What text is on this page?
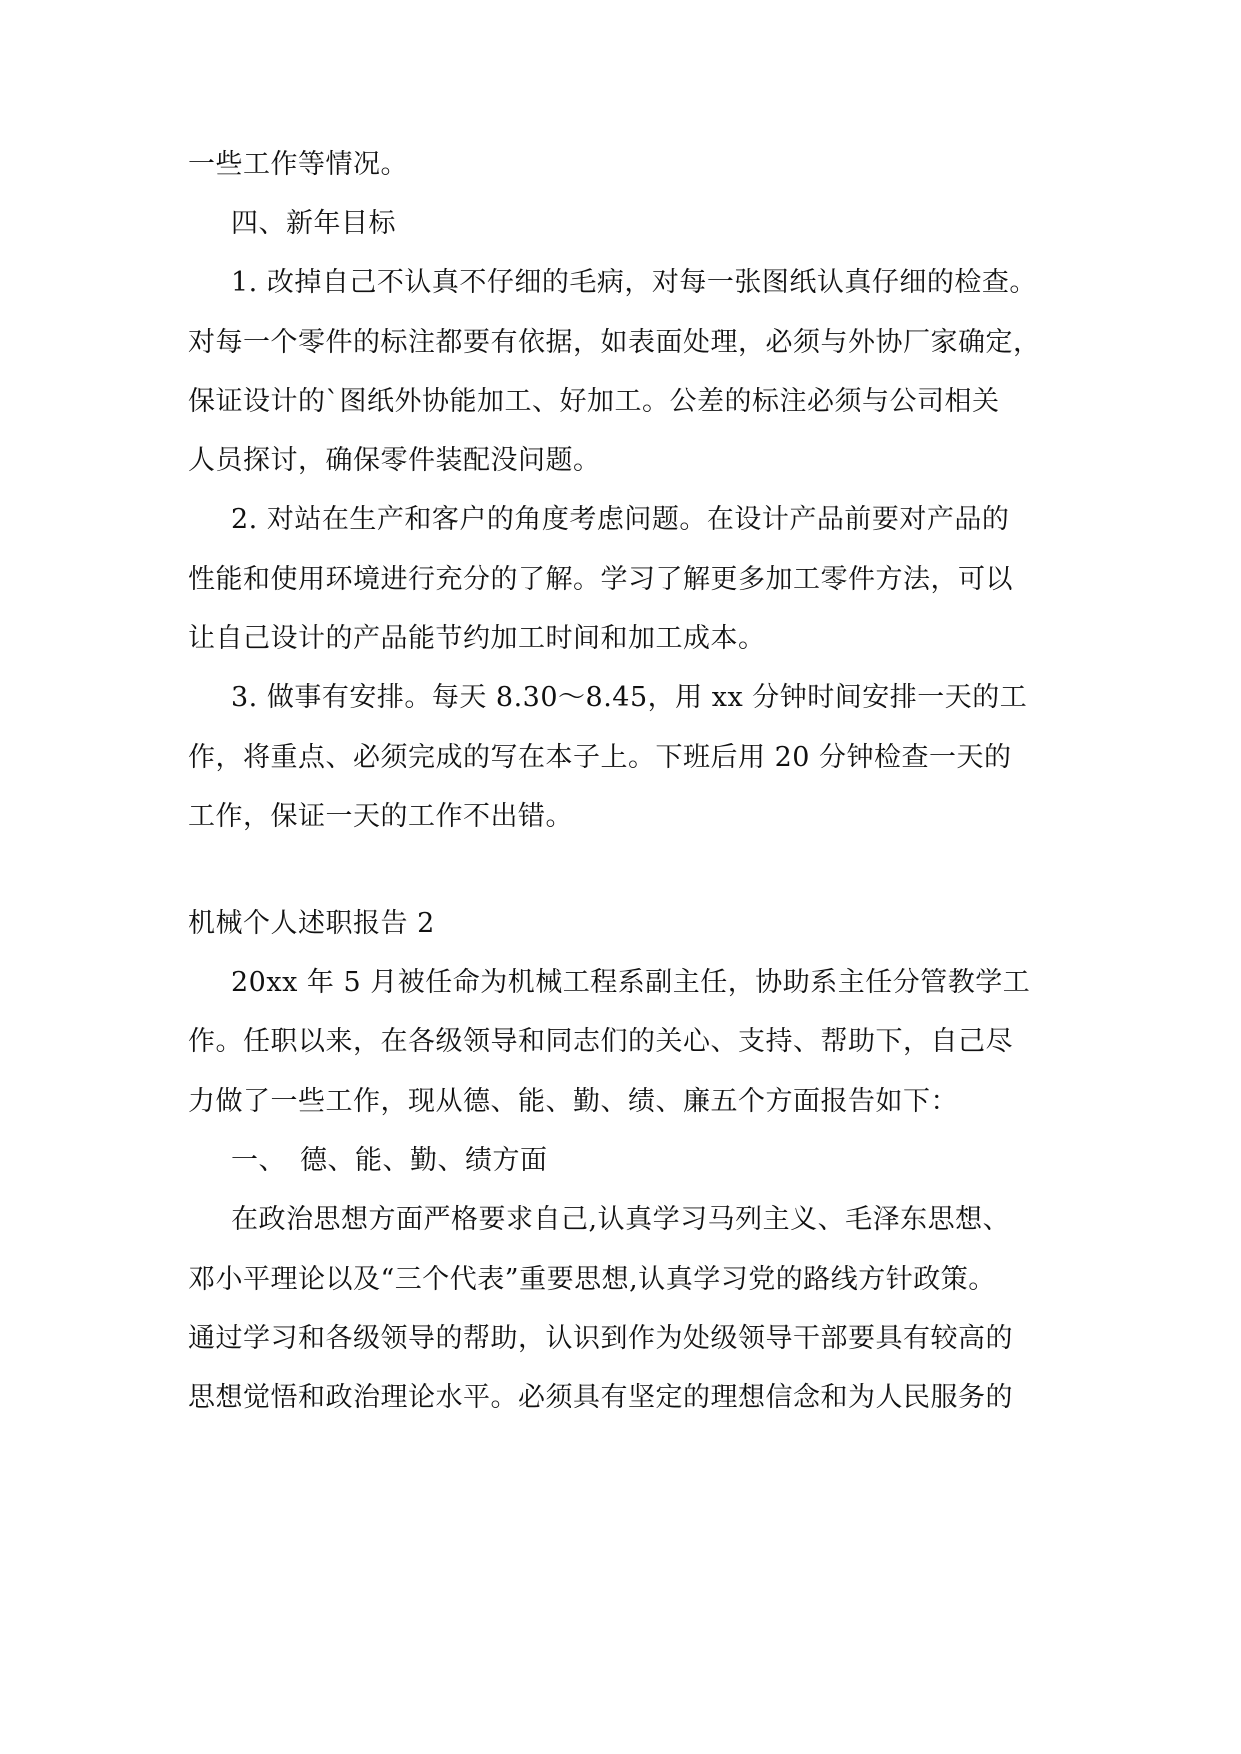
一些工作等情况。

四、新年目标

1. 改掉自己不认真不仔细的毛病，对每一张图纸认真仔细的检查。

对每一个零件的标注都要有依据，如表面处理，必须与外协厂家确定，

保证设计的`图纸外协能加工、好加工。公差的标注必须与公司相关

人员探讨，确保零件装配没问题。

2. 对站在生产和客户的角度考虑问题。在设计产品前要对产品的

性能和使用环境进行充分的了解。学习了解更多加工零件方法，可以

让自己设计的产品能节约加工时间和加工成本。

3. 做事有安排。每天 8.30～8.45，用 xx 分钟时间安排一天的工

作，将重点、必须完成的写在本子上。下班后用 20 分钟检查一天的

工作，保证一天的工作不出错。

机械个人述职报告 2

20xx 年 5 月被任命为机械工程系副主任，协助系主任分管教学工

作。任职以来，在各级领导和同志们的关心、支持、帮助下，自己尽

力做了一些工作，现从德、能、勤、绩、廉五个方面报告如下：

一、　德、能、勤、绩方面

在政治思想方面严格要求自己,认真学习马列主义、毛泽东思想、

邓小平理论以及“三个代表”重要思想,认真学习党的路线方针政策。

通过学习和各级领导的帮助，认识到作为处级领导干部要具有较高的

思想觉悟和政治理论水平。必须具有坚定的理想信念和为人民服务的
